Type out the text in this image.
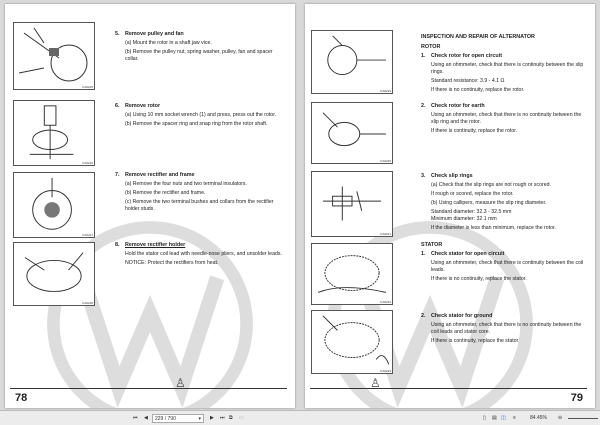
CA0215
CA0216
CA0217
CA0218
5. Remove pulley and fan

(a) Mount the rotor in a shaft jaw vice.

(b) Remove the pulley nut, spring washer, pulley, fan and spacer collar.

6. Remove rotor

(a) Using 10 mm socket wrench (1) and press, press out the rotor.

(b) Remove the spacer ring and snap ring from the rotor shaft.

7. Remove rectifier and frame

(a) Remove the four nuts and two terminal insulators.

(b) Remove the rectifier and frame.

(c) Remove the two terminal bushes and collars from the rectifier holder studs.

8. Remove rectifier holder

Hold the stator coil lead with needle-nose pliers, and unsolder leads.

NOTICE: Protect the rectifiers from heat.

♙
78
CA0219
CA0220
CA0221
CA0222
CA0223
INSPECTION AND REPAIR OF ALTERNATOR
ROTOR
1. Check rotor for open circuit

Using an ohmmeter, check that there is continuity between the slip rings.

Standard resistance: 3.9 - 4.1 Ω

If there is no continuity, replace the rotor.

2. Check rotor for earth

Using an ohmmeter, check that there is no continuity between the slip ring and the rotor.

If there is continuity, replace the rotor.

3. Check slip rings

(a) Check that the slip rings are not rough or scored.

If rough or scored, replace the rotor.

(b) Using callipers, measure the slip ring diameter.

Standard diameter: 32.3 - 32.5 mm

Minimum diameter: 32.1 mm

If the diameter is less than minimum, replace the rotor.

STATOR
1. Check stator for open circuit

Using an ohmmeter, check that there is continuity between the coil leads.

If there is no continuity, replace the stator.

2. Check stator for ground

Using an ohmmeter, check that there is no continuity between the coil leads and stator core.

If there is continuity, replace the stator.

♙
79
⏮ ◀	229 / 790	▾ ▶ ⏭ ⧉ ▭	▯ ▤ ◫ ≡	84.45% ⊖
